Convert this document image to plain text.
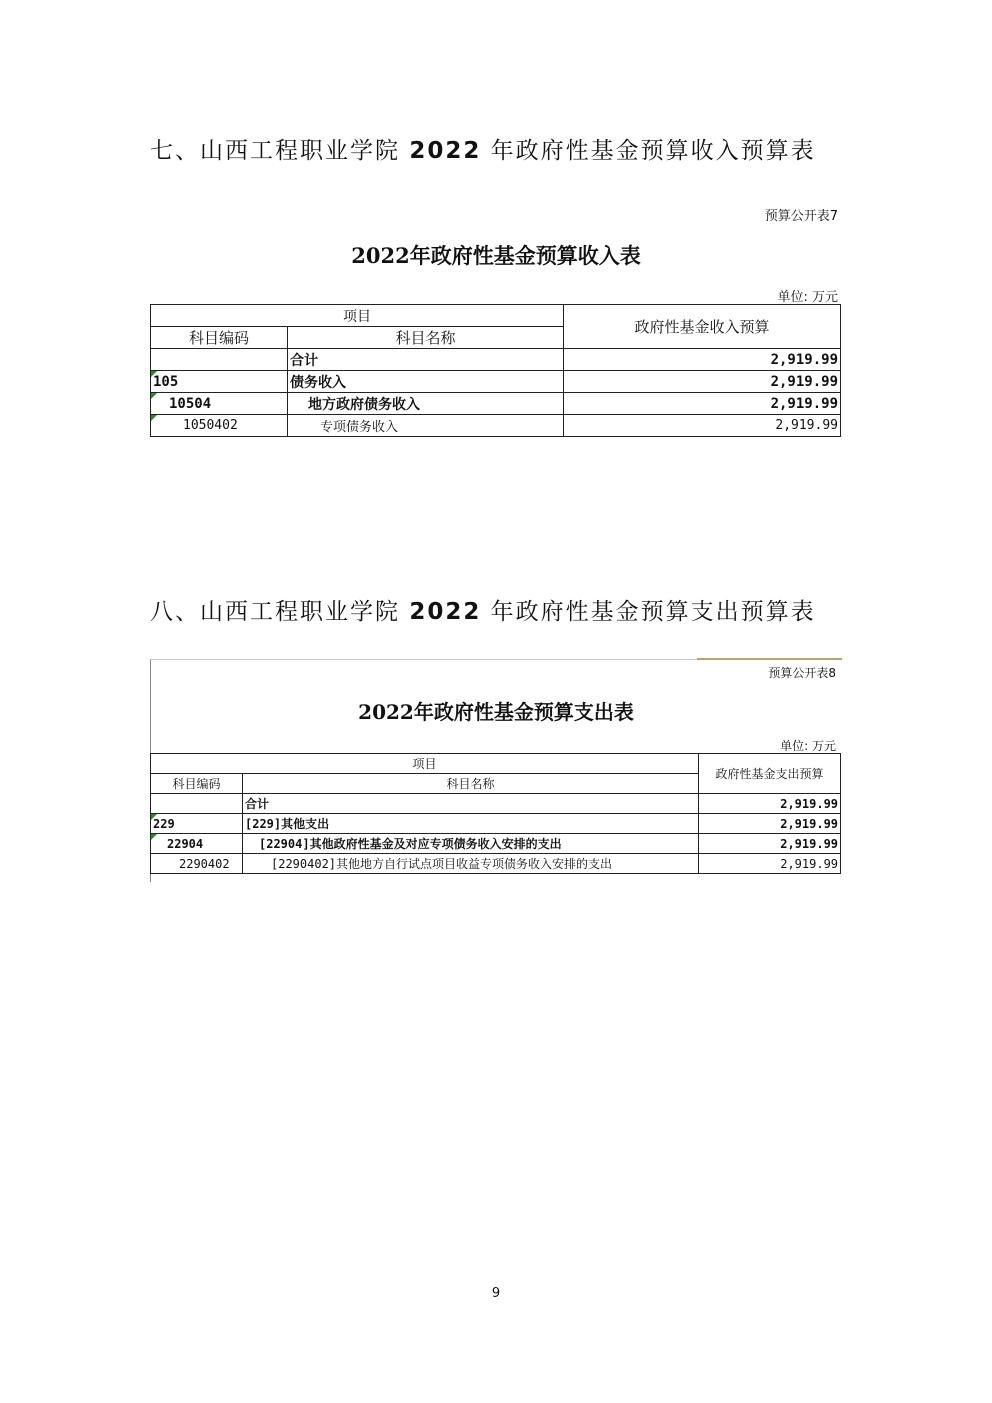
七、山西工程职业学院 2022 年政府性基金预算收入预算表
预算公开表7
2022年政府性基金预算收入表
单位: 万元
项目		政府性基金收入预算
科目编码	科目名称	
	合计	2,919.99

105	债务收入	2,919.99

10504	地方政府债务收入	2,919.99

1050402	专项债务收入	2,919.99
八、山西工程职业学院 2022 年政府性基金预算支出预算表
预算公开表8
2022年政府性基金预算支出表
单位: 万元
项目		政府性基金支出预算
科目编码	科目名称	
	合计	2,919.99

229	[229]其他支出	2,919.99

22904	[22904]其他政府性基金及对应专项债务收入安排的支出	2,919.99
2290402	[2290402]其他地方自行试点项目收益专项债务收入安排的支出	2,919.99
9
